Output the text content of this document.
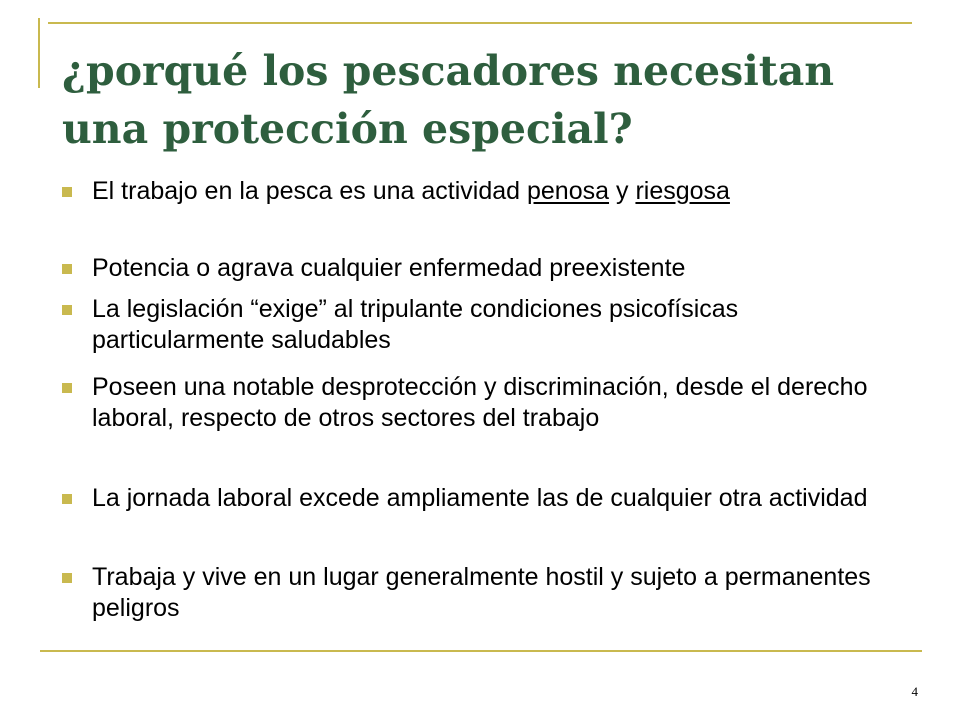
¿porqué los pescadores necesitan una protección especial?
El trabajo en la pesca es una actividad penosa y riesgosa
Potencia o agrava cualquier enfermedad preexistente
La legislación “exige” al tripulante condiciones psicofísicas particularmente saludables
Poseen una notable desprotección y discriminación, desde el derecho laboral, respecto de otros sectores del trabajo
La jornada laboral excede ampliamente las de cualquier otra actividad
Trabaja y vive en un lugar generalmente hostil y sujeto a permanentes peligros
4
